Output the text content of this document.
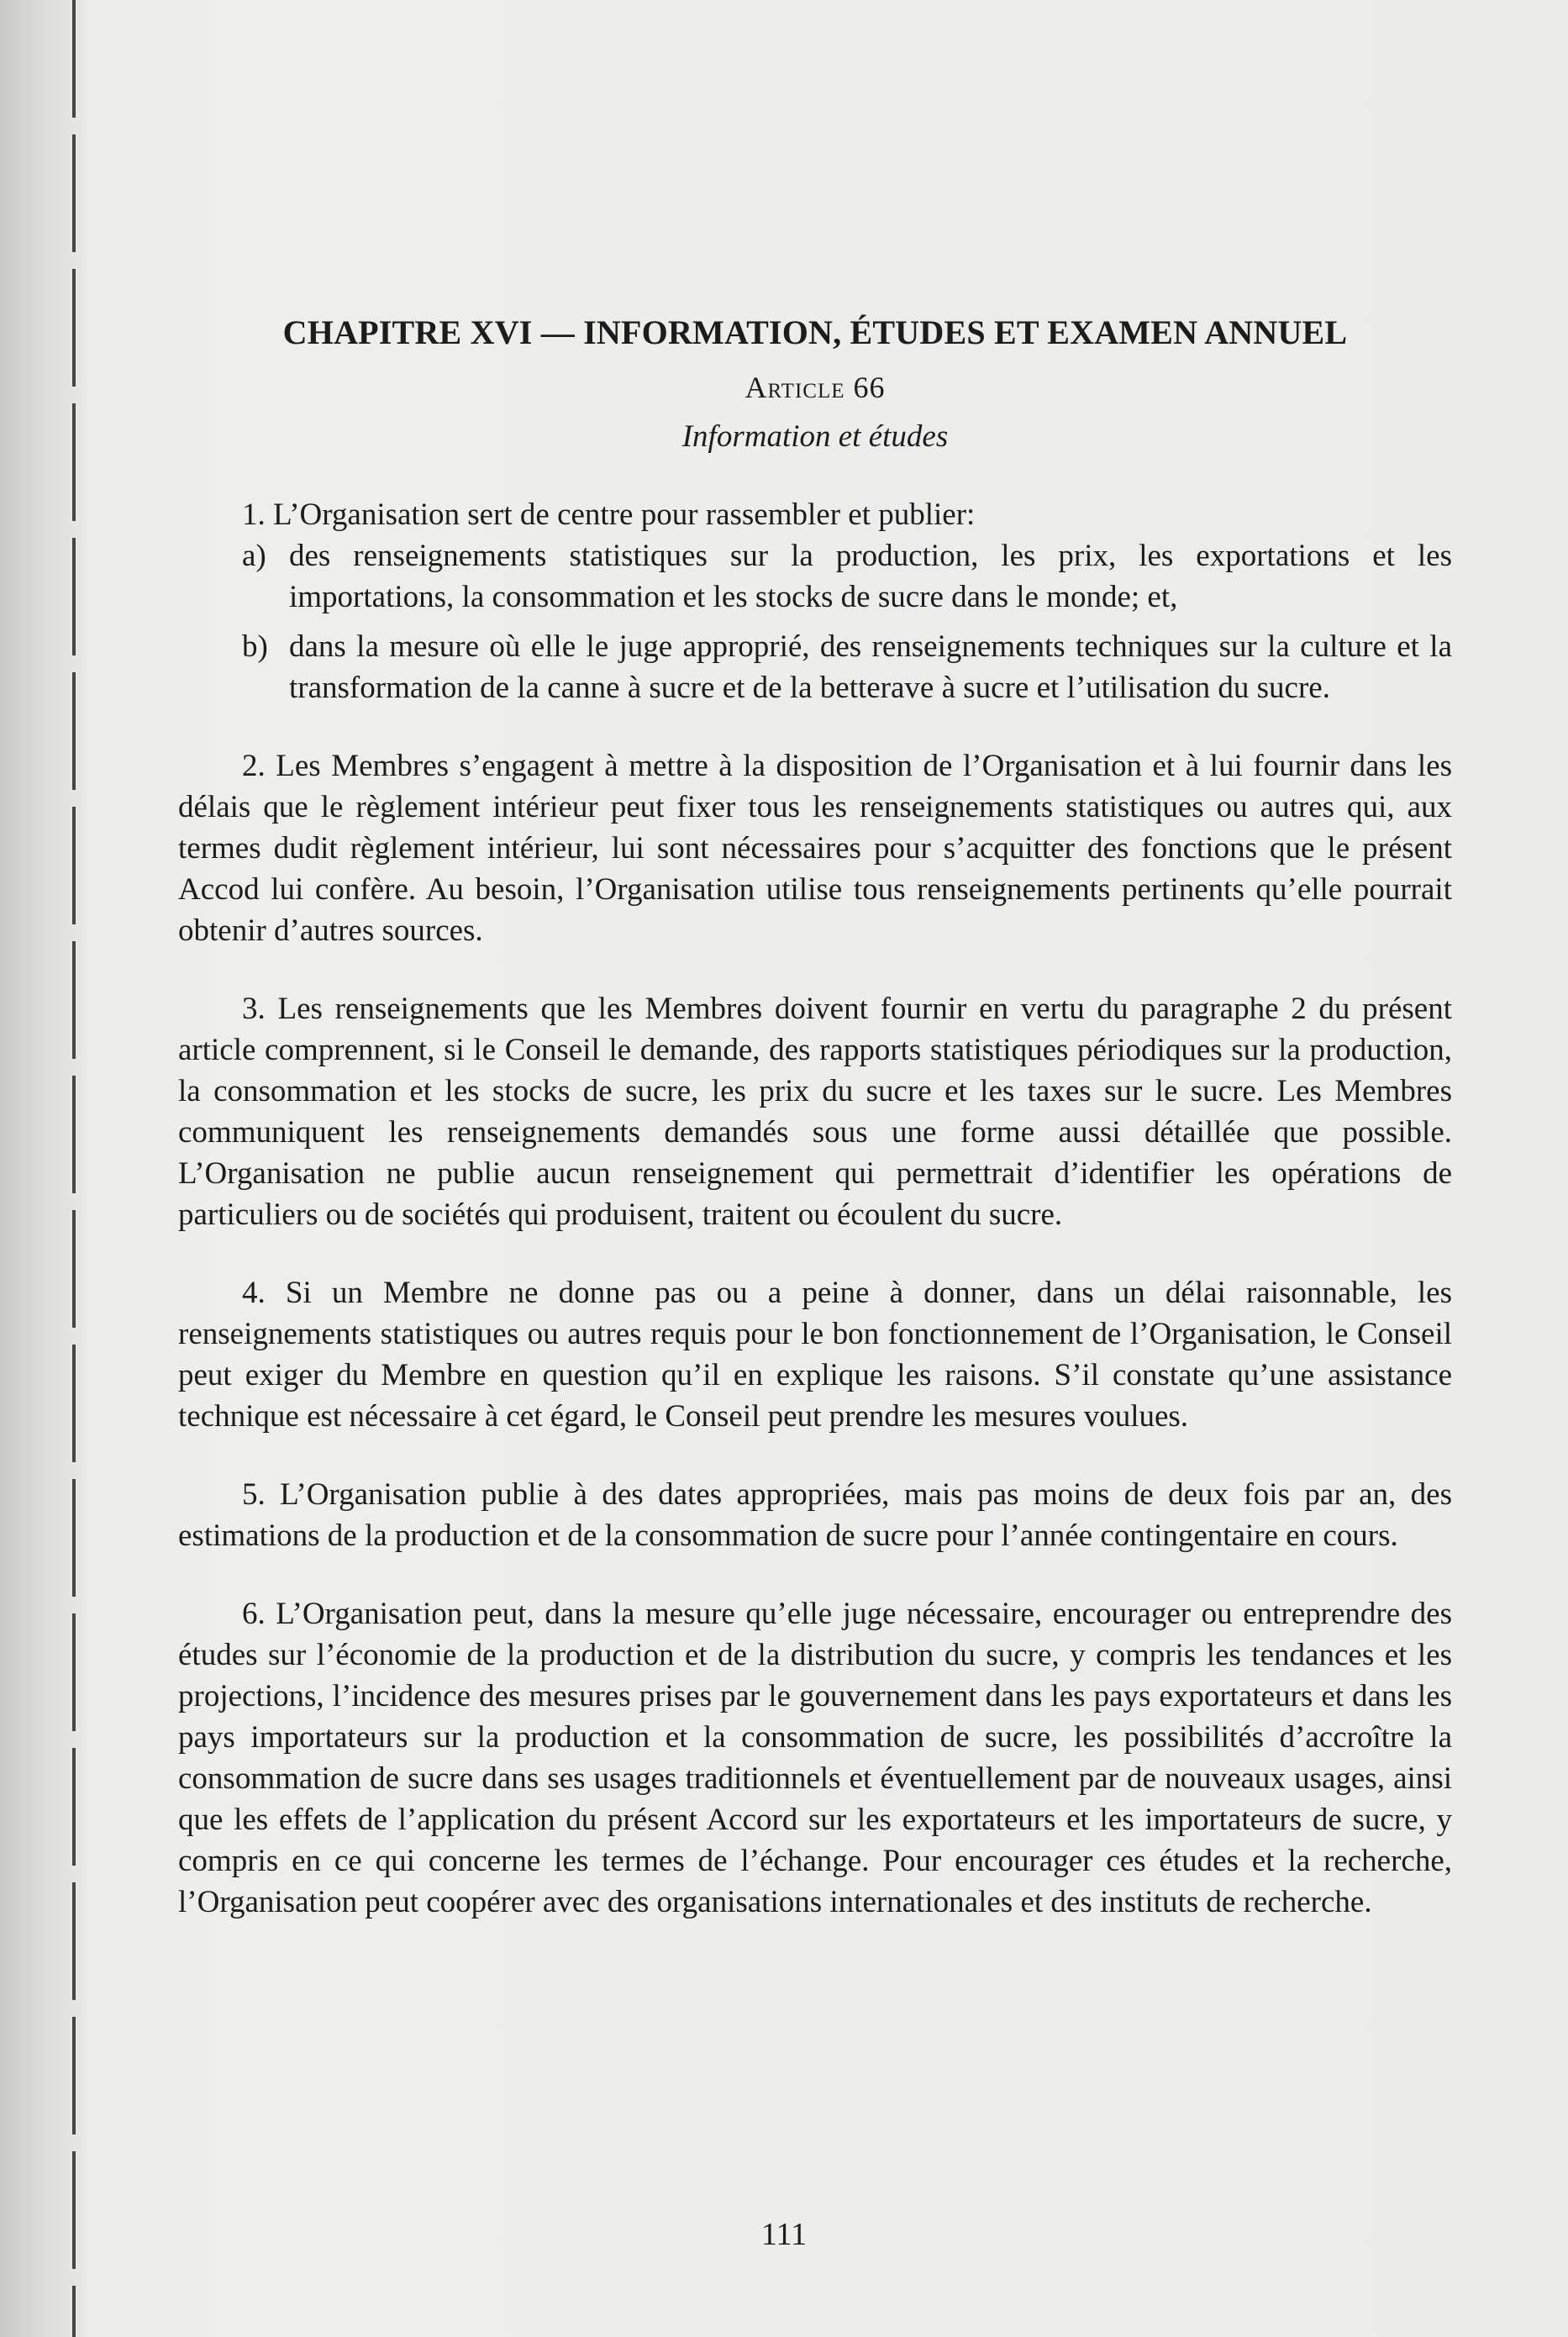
CHAPITRE XVI — INFORMATION, ÉTUDES ET EXAMEN ANNUEL
Article 66
Information et études

1. L’Organisation sert de centre pour rassembler et publier:

a) des renseignements statistiques sur la production, les prix, les exportations et les importations, la consommation et les stocks de sucre dans le monde; et,
b) dans la mesure où elle le juge approprié, des renseignements techniques sur la culture et la transformation de la canne à sucre et de la betterave à sucre et l’utilisation du sucre.

2. Les Membres s’engagent à mettre à la disposition de l’Organisation et à lui fournir dans les délais que le règlement intérieur peut fixer tous les renseignements statistiques ou autres qui, aux termes dudit règlement intérieur, lui sont nécessaires pour s’acquitter des fonctions que le présent Accod lui confère. Au besoin, l’Organisation utilise tous renseignements pertinents qu’elle pourrait obtenir d’autres sources.

3. Les renseignements que les Membres doivent fournir en vertu du paragraphe 2 du présent article comprennent, si le Conseil le demande, des rapports statistiques périodiques sur la production, la consommation et les stocks de sucre, les prix du sucre et les taxes sur le sucre. Les Membres communiquent les renseignements demandés sous une forme aussi détaillée que possible. L’Organisation ne publie aucun renseignement qui permettrait d’identifier les opérations de particuliers ou de sociétés qui produisent, traitent ou écoulent du sucre.

4. Si un Membre ne donne pas ou a peine à donner, dans un délai raisonnable, les renseignements statistiques ou autres requis pour le bon fonctionnement de l’Organisation, le Conseil peut exiger du Membre en question qu’il en explique les raisons. S’il constate qu’une assistance technique est nécessaire à cet égard, le Conseil peut prendre les mesures voulues.

5. L’Organisation publie à des dates appropriées, mais pas moins de deux fois par an, des estimations de la production et de la consommation de sucre pour l’année contingentaire en cours.

6. L’Organisation peut, dans la mesure qu’elle juge nécessaire, encourager ou entreprendre des études sur l’économie de la production et de la distribution du sucre, y compris les tendances et les projections, l’incidence des mesures prises par le gouvernement dans les pays exportateurs et dans les pays importateurs sur la production et la consommation de sucre, les possibilités d’accroître la consommation de sucre dans ses usages traditionnels et éventuellement par de nouveaux usages, ainsi que les effets de l’application du présent Accord sur les exportateurs et les importateurs de sucre, y compris en ce qui concerne les termes de l’échange. Pour encourager ces études et la recherche, l’Organisation peut coopérer avec des organisations internationales et des instituts de recherche.

111
